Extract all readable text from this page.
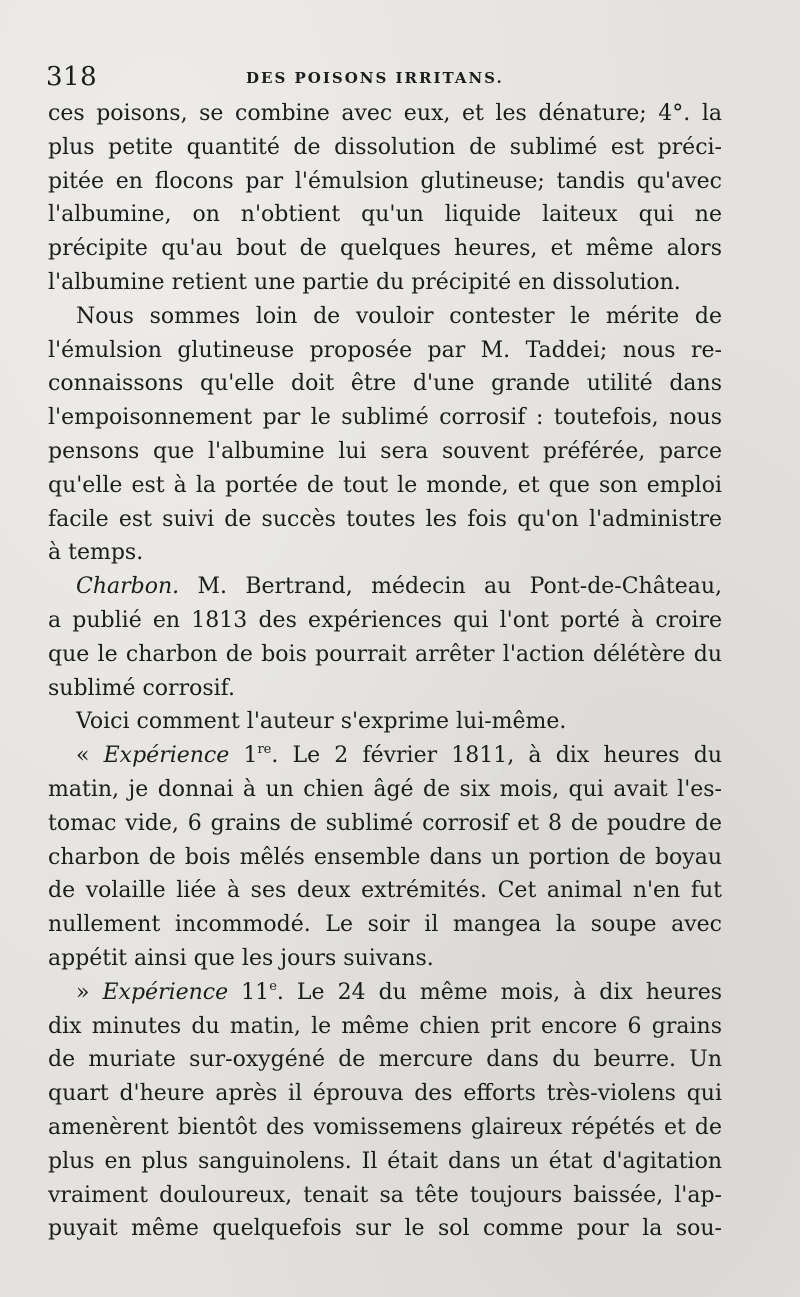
318	DES POISONS IRRITANS.
ces poisons, se combine avec eux, et les dénature; 4°. la
plus petite quantité de dissolution de sublimé est préci-
pitée en flocons par l'émulsion glutineuse; tandis qu'avec
l'albumine, on n'obtient qu'un liquide laiteux qui ne
précipite qu'au bout de quelques heures, et même alors
l'albumine retient une partie du précipité en dissolution.
Nous sommes loin de vouloir contester le mérite de
l'émulsion glutineuse proposée par M. Taddei; nous re-
connaissons qu'elle doit être d'une grande utilité dans
l'empoisonnement par le sublimé corrosif : toutefois, nous
pensons que l'albumine lui sera souvent préférée, parce
qu'elle est à la portée de tout le monde, et que son emploi
facile est suivi de succès toutes les fois qu'on l'administre
à temps.
Charbon. M. Bertrand, médecin au Pont-de-Château,
a publié en 1813 des expériences qui l'ont porté à croire
que le charbon de bois pourrait arrêter l'action délétère du
sublimé corrosif.
Voici comment l'auteur s'exprime lui-même.
« Expérience 1re. Le 2 février 1811, à dix heures du
matin, je donnai à un chien âgé de six mois, qui avait l'es-
tomac vide, 6 grains de sublimé corrosif et 8 de poudre de
charbon de bois mêlés ensemble dans un portion de boyau
de volaille liée à ses deux extrémités. Cet animal n'en fut
nullement incommodé. Le soir il mangea la soupe avec
appétit ainsi que les jours suivans.
» Expérience 11e. Le 24 du même mois, à dix heures
dix minutes du matin, le même chien prit encore 6 grains
de muriate sur-oxygéné de mercure dans du beurre. Un
quart d'heure après il éprouva des efforts très-violens qui
amenèrent bientôt des vomissemens glaireux répétés et de
plus en plus sanguinolens. Il était dans un état d'agitation
vraiment douloureux, tenait sa tête toujours baissée, l'ap-
puyait même quelquefois sur le sol comme pour la sou-
